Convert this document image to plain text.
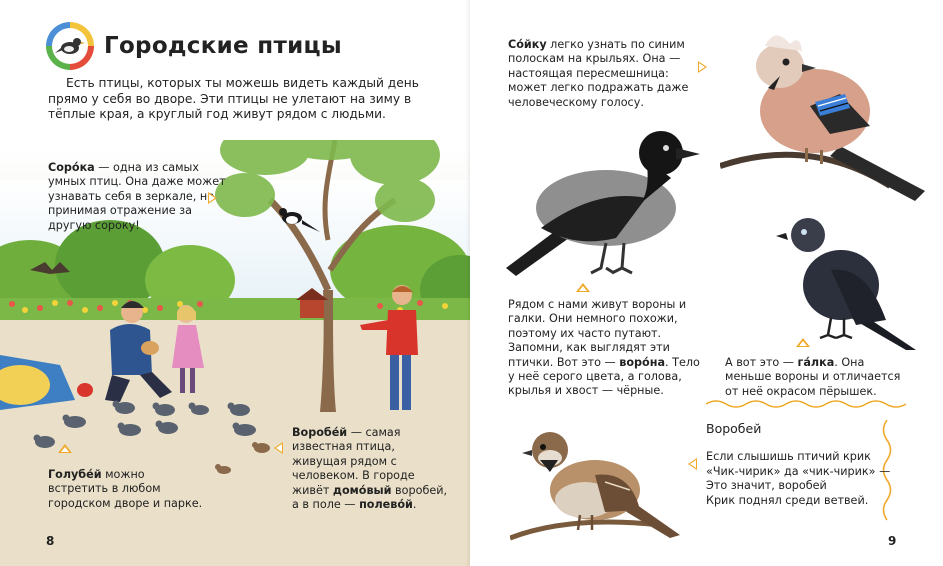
Городские птицы
Есть птицы, которых ты можешь видеть каждый день прямо у себя во дворе. Эти птицы не улетают на зиму в тёплые края, а круглый год живут рядом с людьми.
Соро́ка — одна из самых умных птиц. Она даже может узнавать себя в зеркале, не принимая отражение за другую сороку!
Голубе́й можно встретить в любом городском дворе и парке.
Воробе́й — самая известная птица, живущая рядом с человеком. В городе живёт домо́вый воробей, а в поле — полево́й.
8
Со́йку легко узнать по синим полоскам на крыльях. Она — настоящая пересмешница: может легко подражать даже человеческому голосу.
Рядом с нами живут вороны и галки. Они немного похожи, поэтому их часто путают. Запомни, как выглядят эти птички. Вот это — воро́на. Тело у неё серого цвета, а голова, крылья и хвост — чёрные.
А вот это — га́лка. Она меньше вороны и отличается от неё окрасом пёрышек.
Воробей
Если слышишь птичий крик
«Чик-чирик» да «чик-чирик» —
Это значит, воробей
Крик поднял среди ветвей.
9
